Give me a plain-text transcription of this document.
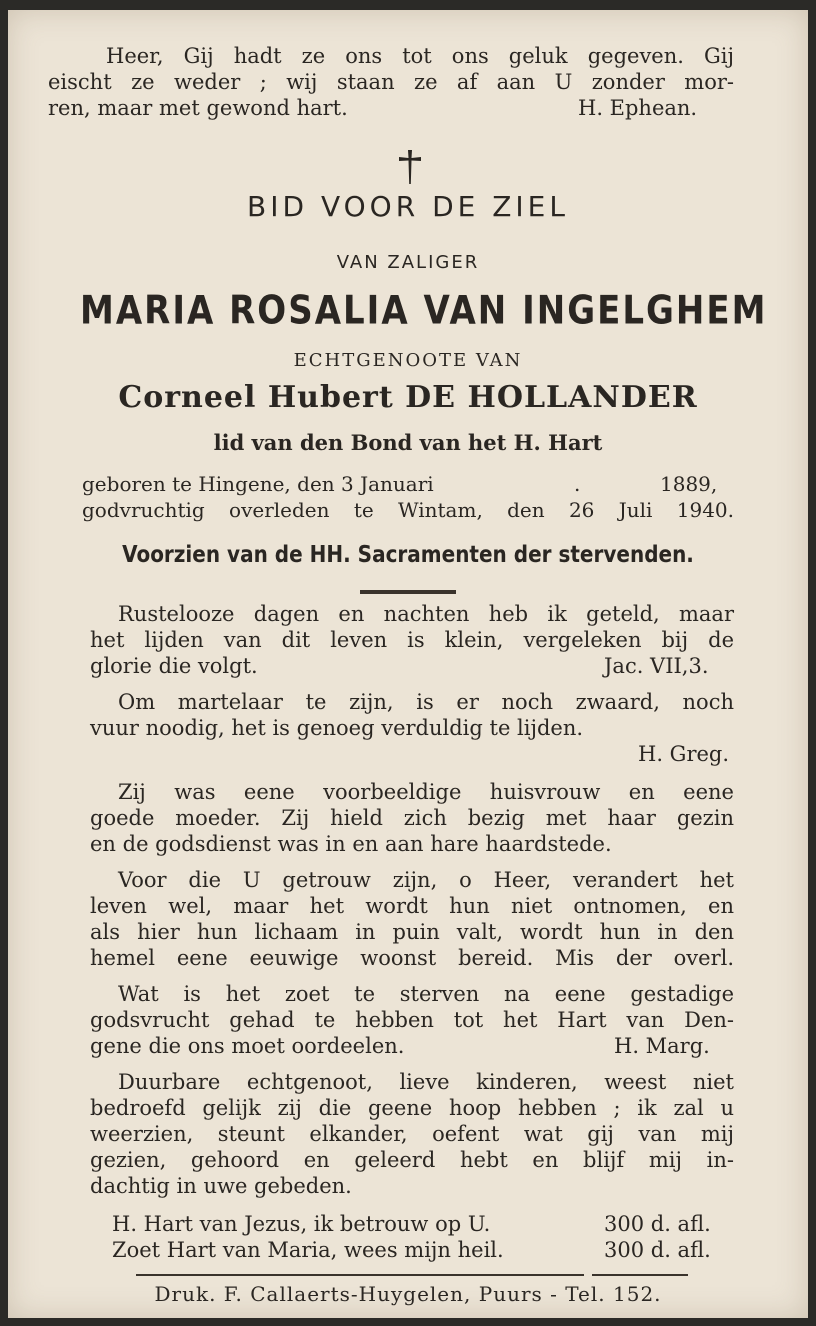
Heer, Gij hadt ze ons tot ons geluk gegeven. Gij
eischt ze weder ; wij staan ze af aan U zonder mor-
ren, maar met gewond hart.	H. Ephean.
BID VOOR DE ZIEL
VAN ZALIGER
MARIA ROSALIA VAN INGELGHEM
ECHTGENOOTE VAN
Corneel Hubert DE HOLLANDER
lid van den Bond van het H. Hart
geboren te Hingene, den 3 Januari	.	1889,
godvruchtig overleden te Wintam, den 26 Juli 1940.
Voorzien van de HH. Sacramenten der stervenden.
Rustelooze dagen en nachten heb ik geteld, maar
het lijden van dit leven is klein, vergeleken bij de
glorie die volgt.	Jac. VII,3.
Om martelaar te zijn, is er noch zwaard, noch
vuur noodig, het is genoeg verduldig te lijden.
H. Greg.
Zij was eene voorbeeldige huisvrouw en eene
goede moeder. Zij hield zich bezig met haar gezin
en de godsdienst was in en aan hare haardstede.
Voor die U getrouw zijn, o Heer, verandert het
leven wel, maar het wordt hun niet ontnomen, en
als hier hun lichaam in puin valt, wordt hun in den
hemel eene eeuwige woonst bereid. Mis der overl.
Wat is het zoet te sterven na eene gestadige
godsvrucht gehad te hebben tot het Hart van Den-
gene die ons moet oordeelen.	H. Marg.
Duurbare echtgenoot, lieve kinderen, weest niet
bedroefd gelijk zij die geene hoop hebben ; ik zal u
weerzien, steunt elkander, oefent wat gij van mij
gezien, gehoord en geleerd hebt en blijf mij in-
dachtig in uwe gebeden.
H. Hart van Jezus, ik betrouw op U.	300 d. afl.
Zoet Hart van Maria, wees mijn heil.	300 d. afl.
Druk. F. Callaerts-Huygelen, Puurs - Tel. 152.
